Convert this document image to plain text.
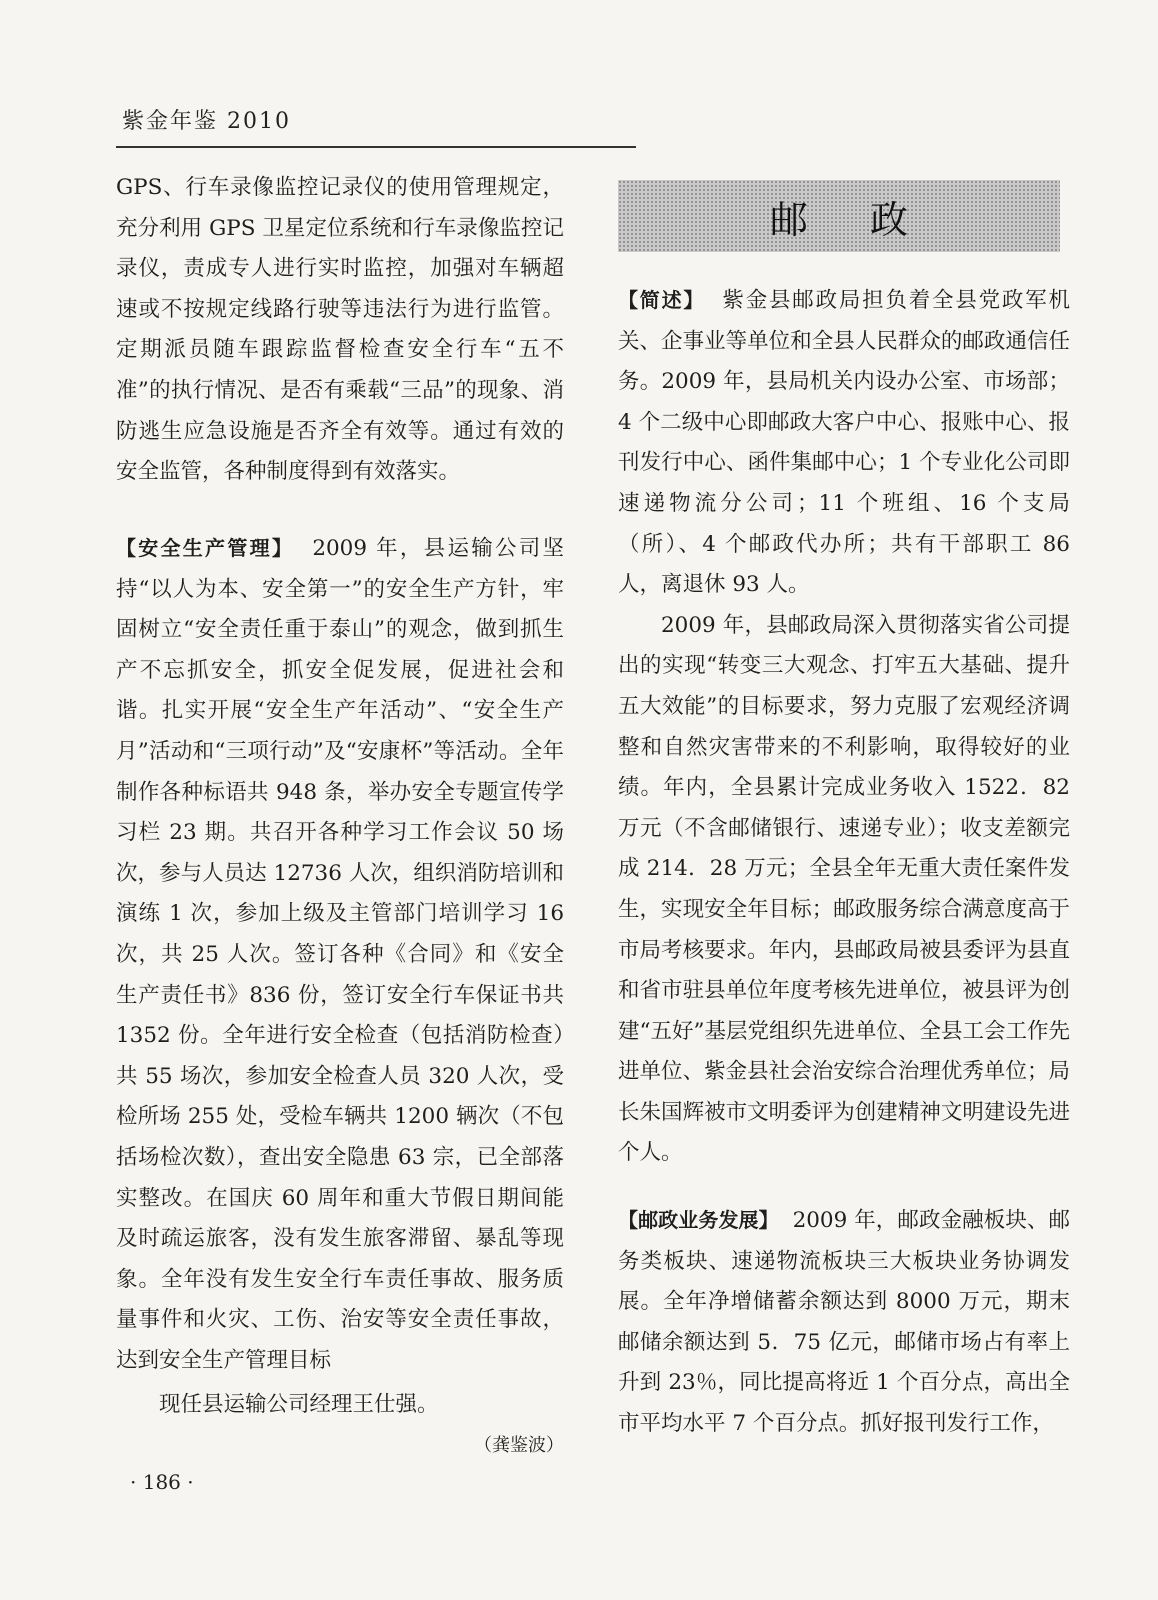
紫金年鉴 2010

GPS、行车录像监控记录仪的使用管理规定，充分利用 GPS 卫星定位系统和行车录像监控记录仪，责成专人进行实时监控，加强对车辆超速或不按规定线路行驶等违法行为进行监管。定期派员随车跟踪监督检查安全行车“五不准”的执行情况、是否有乘载“三品”的现象、消防逃生应急设施是否齐全有效等。通过有效的安全监管，各种制度得到有效落实。

【安全生产管理】 2009 年，县运输公司坚持“以人为本、安全第一”的安全生产方针，牢固树立“安全责任重于泰山”的观念，做到抓生产不忘抓安全，抓安全促发展，促进社会和谐。扎实开展“安全生产年活动”、“安全生产月”活动和“三项行动”及“安康杯”等活动。全年制作各种标语共 948 条，举办安全专题宣传学习栏 23 期。共召开各种学习工作会议 50 场次，参与人员达 12736 人次，组织消防培训和演练 1 次，参加上级及主管部门培训学习 16 次，共 25 人次。签订各种《合同》和《安全生产责任书》836 份，签订安全行车保证书共 1352 份。全年进行安全检查（包括消防检查）共 55 场次，参加安全检查人员 320 人次，受检所场 255 处，受检车辆共 1200 辆次（不包括场检次数），查出安全隐患 63 宗，已全部落实整改。在国庆 60 周年和重大节假日期间能及时疏运旅客，没有发生旅客滞留、暴乱等现象。全年没有发生安全行车责任事故、服务质量事件和火灾、工伤、治安等安全责任事故，达到安全生产管理目标

现任县运输公司经理王仕强。

（龚鉴波）

· 186 ·
邮政

【简述】 紫金县邮政局担负着全县党政军机关、企事业等单位和全县人民群众的邮政通信任务。2009 年，县局机关内设办公室、市场部；4 个二级中心即邮政大客户中心、报账中心、报刊发行中心、函件集邮中心；1 个专业化公司即速递物流分公司；11 个班组、16 个支局（所）、4 个邮政代办所；共有干部职工 86 人，离退休 93 人。

2009 年，县邮政局深入贯彻落实省公司提出的实现“转变三大观念、打牢五大基础、提升五大效能”的目标要求，努力克服了宏观经济调整和自然灾害带来的不利影响，取得较好的业绩。年内，全县累计完成业务收入 1522．82 万元（不含邮储银行、速递专业）；收支差额完成 214．28 万元；全县全年无重大责任案件发生，实现安全年目标；邮政服务综合满意度高于市局考核要求。年内，县邮政局被县委评为县直和省市驻县单位年度考核先进单位，被县评为创建“五好”基层党组织先进单位、全县工会工作先进单位、紫金县社会治安综合治理优秀单位；局长朱国辉被市文明委评为创建精神文明建设先进个人。

【邮政业务发展】 2009 年，邮政金融板块、邮务类板块、速递物流板块三大板块业务协调发展。全年净增储蓄余额达到 8000 万元，期末邮储余额达到 5．75 亿元，邮储市场占有率上升到 23％，同比提高将近 1 个百分点，高出全市平均水平 7 个百分点。抓好报刊发行工作，
